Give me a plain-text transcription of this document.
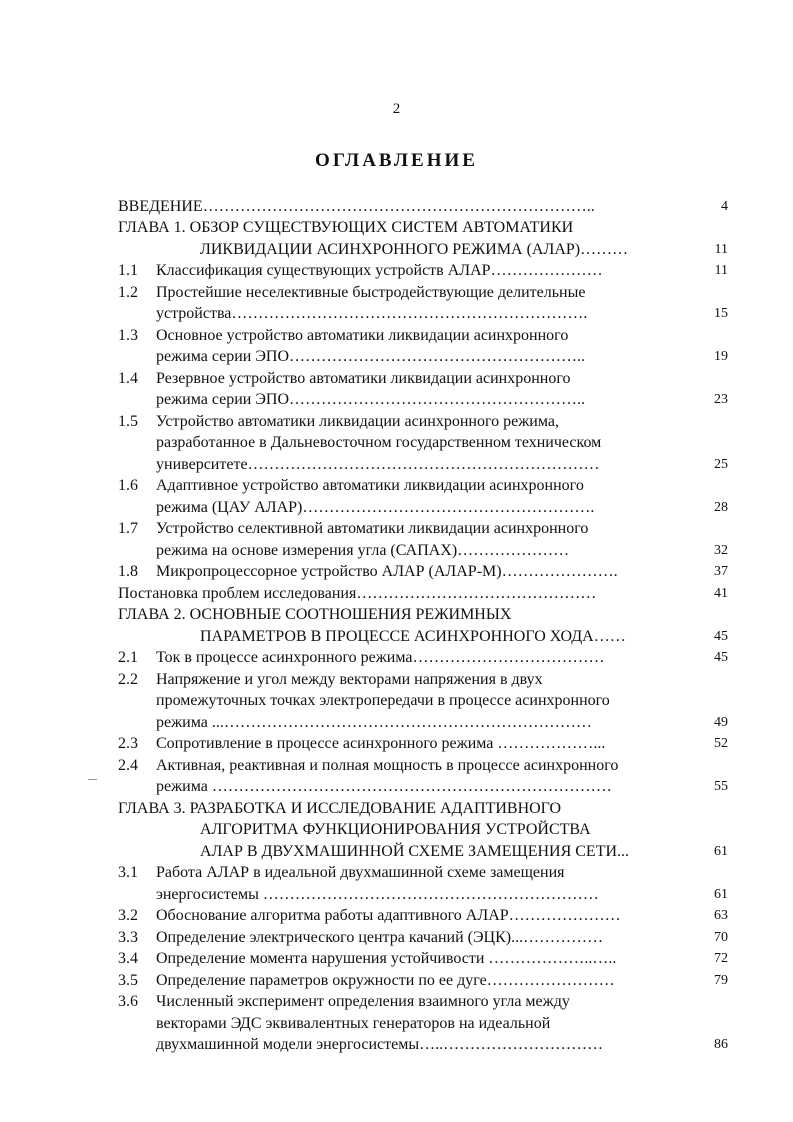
2
ОГЛАВЛЕНИЕ
ВВЕДЕНИЕ………………………………………………………………..	4
ГЛАВА 1. ОБЗОР СУЩЕСТВУЮЩИХ СИСТЕМ АВТОМАТИКИ
ЛИКВИДАЦИИ АСИНХРОННОГО РЕЖИМА (АЛАР)………	11
1.1 Классификация существующих устройств АЛАР…………………	11
1.2 Простейшие неселективные быстродействующие делительные
устройства………………………………………………………….	15
1.3 Основное устройство автоматики ликвидации асинхронного
режима серии ЭПО………………………………………………..	19
1.4 Резервное устройство автоматики ликвидации асинхронного
режима серии ЭПО………………………………………………..	23
1.5 Устройство автоматики ликвидации асинхронного режима,
разработанное в Дальневосточном государственном техническом
университете…………………………………………………………	25
1.6 Адаптивное устройство автоматики ликвидации асинхронного
режима (ЦАУ АЛАР)……………………………………………….	28
1.7 Устройство селективной автоматики ликвидации асинхронного
режима на основе измерения угла (САПАХ)…………………	32
1.8 Микропроцессорное устройство АЛАР (АЛАР-М)………………….	37
Постановка проблем исследования………………………………………	41
ГЛАВА 2. ОСНОВНЫЕ СООТНОШЕНИЯ РЕЖИМНЫХ
ПАРАМЕТРОВ В ПРОЦЕССЕ АСИНХРОННОГО ХОДА……	45
2.1 Ток в процессе асинхронного режима………………………………	45
2.2 Напряжение и угол между векторами напряжения в двух
промежуточных точках электропередачи в процессе асинхронного
режима ...……………………………………………………………	49
2.3 Сопротивление в процессе асинхронного режима ………………...	52
2.4 Активная, реактивная и полная мощность в процессе асинхронного
режима …………………………………………………………………	55
ГЛАВА 3. РАЗРАБОТКА И ИССЛЕДОВАНИЕ АДАПТИВНОГО
АЛГОРИТМА ФУНКЦИОНИРОВАНИЯ УСТРОЙСТВА
АЛАР В ДВУХМАШИННОЙ СХЕМЕ ЗАМЕЩЕНИЯ СЕТИ...	61
3.1 Работа АЛАР в идеальной двухмашинной схеме замещения
энергосистемы ………………………………………………………	61
3.2 Обоснование алгоритма работы адаптивного АЛАР…………………	63
3.3 Определение электрического центра качаний (ЭЦК)...……………	70
3.4 Определение момента нарушения устойчивости ………………..…..	72
3.5 Определение параметров окружности по ее дуге……………………	79
3.6 Численный эксперимент определения взаимного угла между
векторами ЭДС эквивалентных генераторов на идеальной
двухмашинной модели энергосистемы…..…………………………	86
